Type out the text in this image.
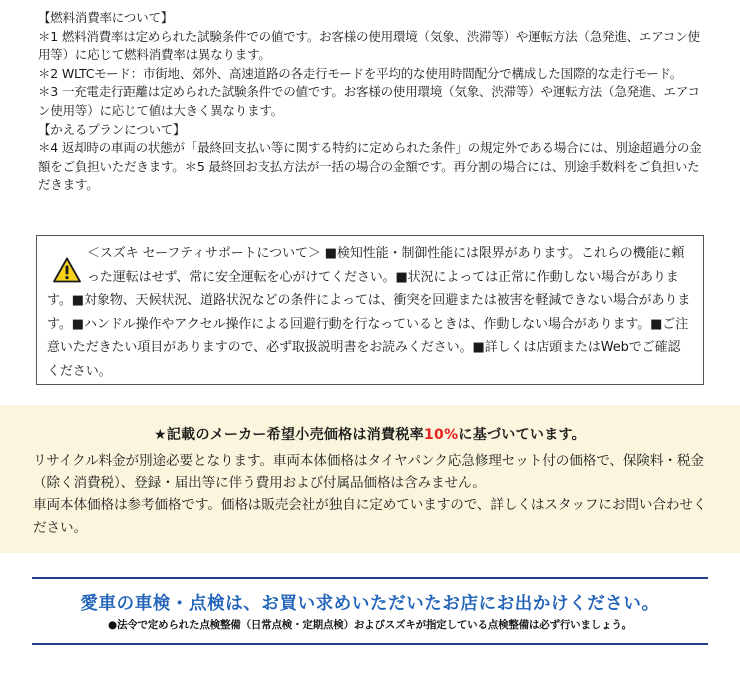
【燃料消費率について】

＊1 燃料消費率は定められた試験条件での値です。お客様の使用環境（気象、渋滞等）や運転方法（急発進、エアコン使用等）に応じて燃料消費率は異なります。

＊2 WLTCモード：市街地、郊外、高速道路の各走行モードを平均的な使用時間配分で構成した国際的な走行モード。

＊3 一充電走行距離は定められた試験条件での値です。お客様の使用環境（気象、渋滞等）や運転方法（急発進、エアコン使用等）に応じて値は大きく異なります。

【かえるプランについて】

＊4 返却時の車両の状態が「最終回支払い等に関する特約に定められた条件」の規定外である場合には、別途超過分の金額をご負担いただきます。＊5 最終回お支払方法が一括の場合の金額です。再分割の場合には、別途手数料をご負担いただきます。

＜スズキ セーフティサポートについて＞ ■検知性能・制御性能には限界があります。これらの機能に頼った運転はせず、常に安全運転を心がけてください。■状況によっては正常に作動しない場合があります。■対象物、天候状況、道路状況などの条件によっては、衝突を回避または被害を軽減できない場合があります。■ハンドル操作やアクセル操作による回避行動を行なっているときは、作動しない場合があります。■ご注意いただきたい項目がありますので、必ず取扱説明書をお読みください。■詳しくは店頭またはWebでご確認ください。
★記載のメーカー希望小売価格は消費税率10%に基づいています。

リサイクル料金が別途必要となります。車両本体価格はタイヤパンク応急修理セット付の価格で、保険料・税金（除く消費税）、登録・届出等に伴う費用および付属品価格は含みません。

車両本体価格は参考価格です。価格は販売会社が独自に定めていますので、詳しくはスタッフにお問い合わせください。

愛車の車検・点検は、お買い求めいただいたお店にお出かけください。
●法令で定められた点検整備（日常点検・定期点検）およびスズキが指定している点検整備は必ず行いましょう。
